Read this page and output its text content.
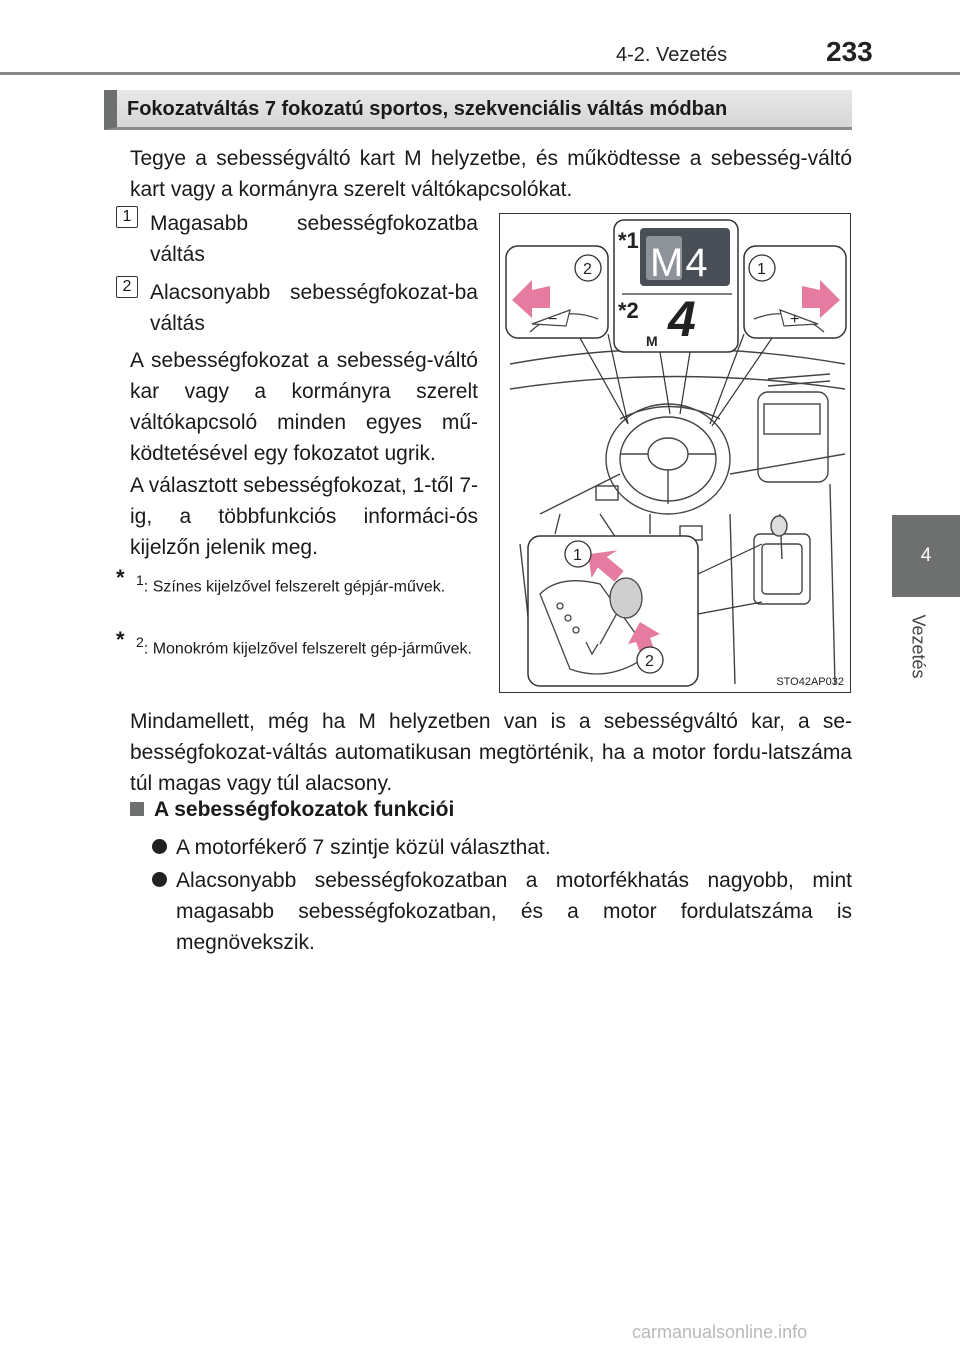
4-2. Vezetés	233
4
Vezetés
Fokozatváltás 7 fokozatú sportos, szekvenciális váltás módban
Tegye a sebességváltó kart M helyzetbe, és működtesse a sebesség-váltó kart vagy a kormányra szerelt váltókapcsolókat.
1 Magasabb sebességfokozatba váltás
2 Alacsonyabb sebességfokozat-ba váltás
A sebességfokozat a sebesség-váltó kar vagy a kormányra szerelt váltókapcsoló minden egyes mű-ködtetésével egy fokozatot ugrik.
A választott sebességfokozat, 1-től 7-ig, a többfunkciós informáci-ós kijelzőn jelenik meg.
* $^1$: Színes kijelzővel felszerelt gépjár-művek.
* $^2$: Monokróm kijelzővel felszerelt gép-járművek.
−
2
*1
M4
*2 4
M
+
1
1
2
STO42AP032
Mindamellett, még ha M helyzetben van is a sebességváltó kar, a se-bességfokozat-váltás automatikusan megtörténik, ha a motor fordu-latszáma túl magas vagy túl alacsony.
A sebességfokozatok funkciói
A motorfékerő 7 szintje közül választhat.
Alacsonyabb sebességfokozatban a motorfékhatás nagyobb, mint magasabb sebességfokozatban, és a motor fordulatszáma is megnövekszik.
carmanualsonline.info
